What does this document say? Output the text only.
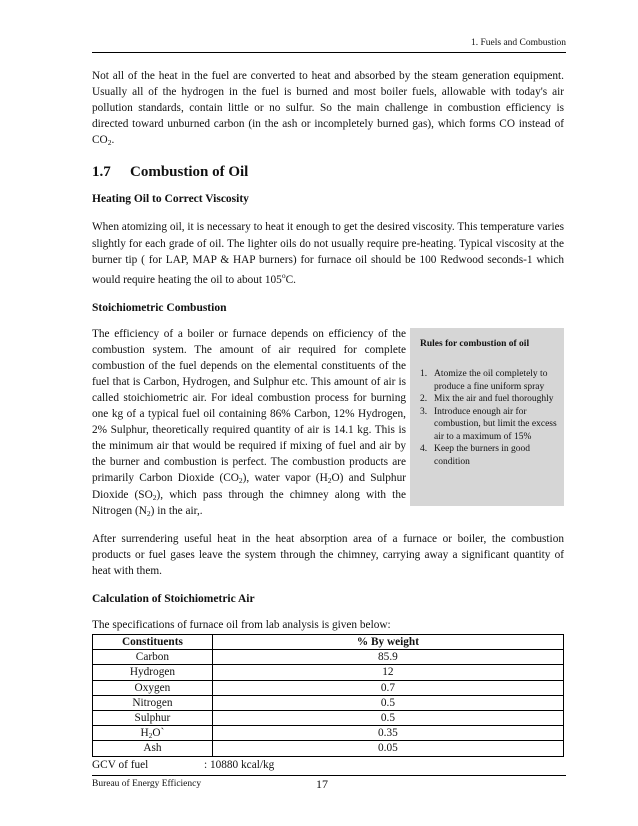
1. Fuels and Combustion

Not all of the heat in the fuel are converted to heat and absorbed by the steam generation equipment. Usually all of the hydrogen in the fuel is burned and most boiler fuels, allowable with today's air pollution standards, contain little or no sulfur. So the main challenge in combustion efficiency is directed toward unburned carbon (in the ash or incompletely burned gas), which forms CO instead of $CO_2$.

1.7 Combustion of Oil
Heating Oil to Correct Viscosity

When atomizing oil, it is necessary to heat it enough to get the desired viscosity. This temperature varies slightly for each grade of oil. The lighter oils do not usually require pre-heating. Typical viscosity at the burner tip ( for LAP, MAP & HAP burners) for furnace oil should be 100 Redwood seconds-1 which would require heating the oil to about 105$^o$C.

Stoichiometric Combustion

The efficiency of a boiler or furnace depends on efficiency of the combustion system. The amount of air required for complete combustion of the fuel depends on the elemental constituents of the fuel that is Carbon, Hydrogen, and Sulphur etc. This amount of air is called stoichiometric air. For ideal combustion process for burning one kg of a typical fuel oil containing 86% Carbon, 12% Hydrogen, 2% Sulphur, theoretically required quantity of air is 14.1 kg. This is the minimum air that would be required if mixing of fuel and air by the burner and combustion is perfect. The combustion products are primarily Carbon Dioxide $(CO_2)$, water vapor $(H_2O)$ and Sulphur Dioxide $(SO_2)$, which pass through the chimney along with the Nitrogen $(N_2)$ in the air,.

Rules for combustion of oil
1. Atomize the oil completely to produce a fine uniform spray
2. Mix the air and fuel thoroughly
3. Introduce enough air for combustion, but limit the excess air to a maximum of 15%
4. Keep the burners in good condition

After surrendering useful heat in the heat absorption area of a furnace or boiler, the combustion products or fuel gases leave the system through the chimney, carrying away a significant quantity of heat with them.

Calculation of Stoichiometric Air

The specifications of furnace oil from lab analysis is given below:

Constituents	% By weight
Carbon	85.9
Hydrogen	12
Oxygen	0.7
Nitrogen	0.5
Sulphur	0.5
$H_2O`$	0.35
Ash	0.05
GCV of fuel	: 10880 kcal/kg
Bureau of Energy Efficiency	17
